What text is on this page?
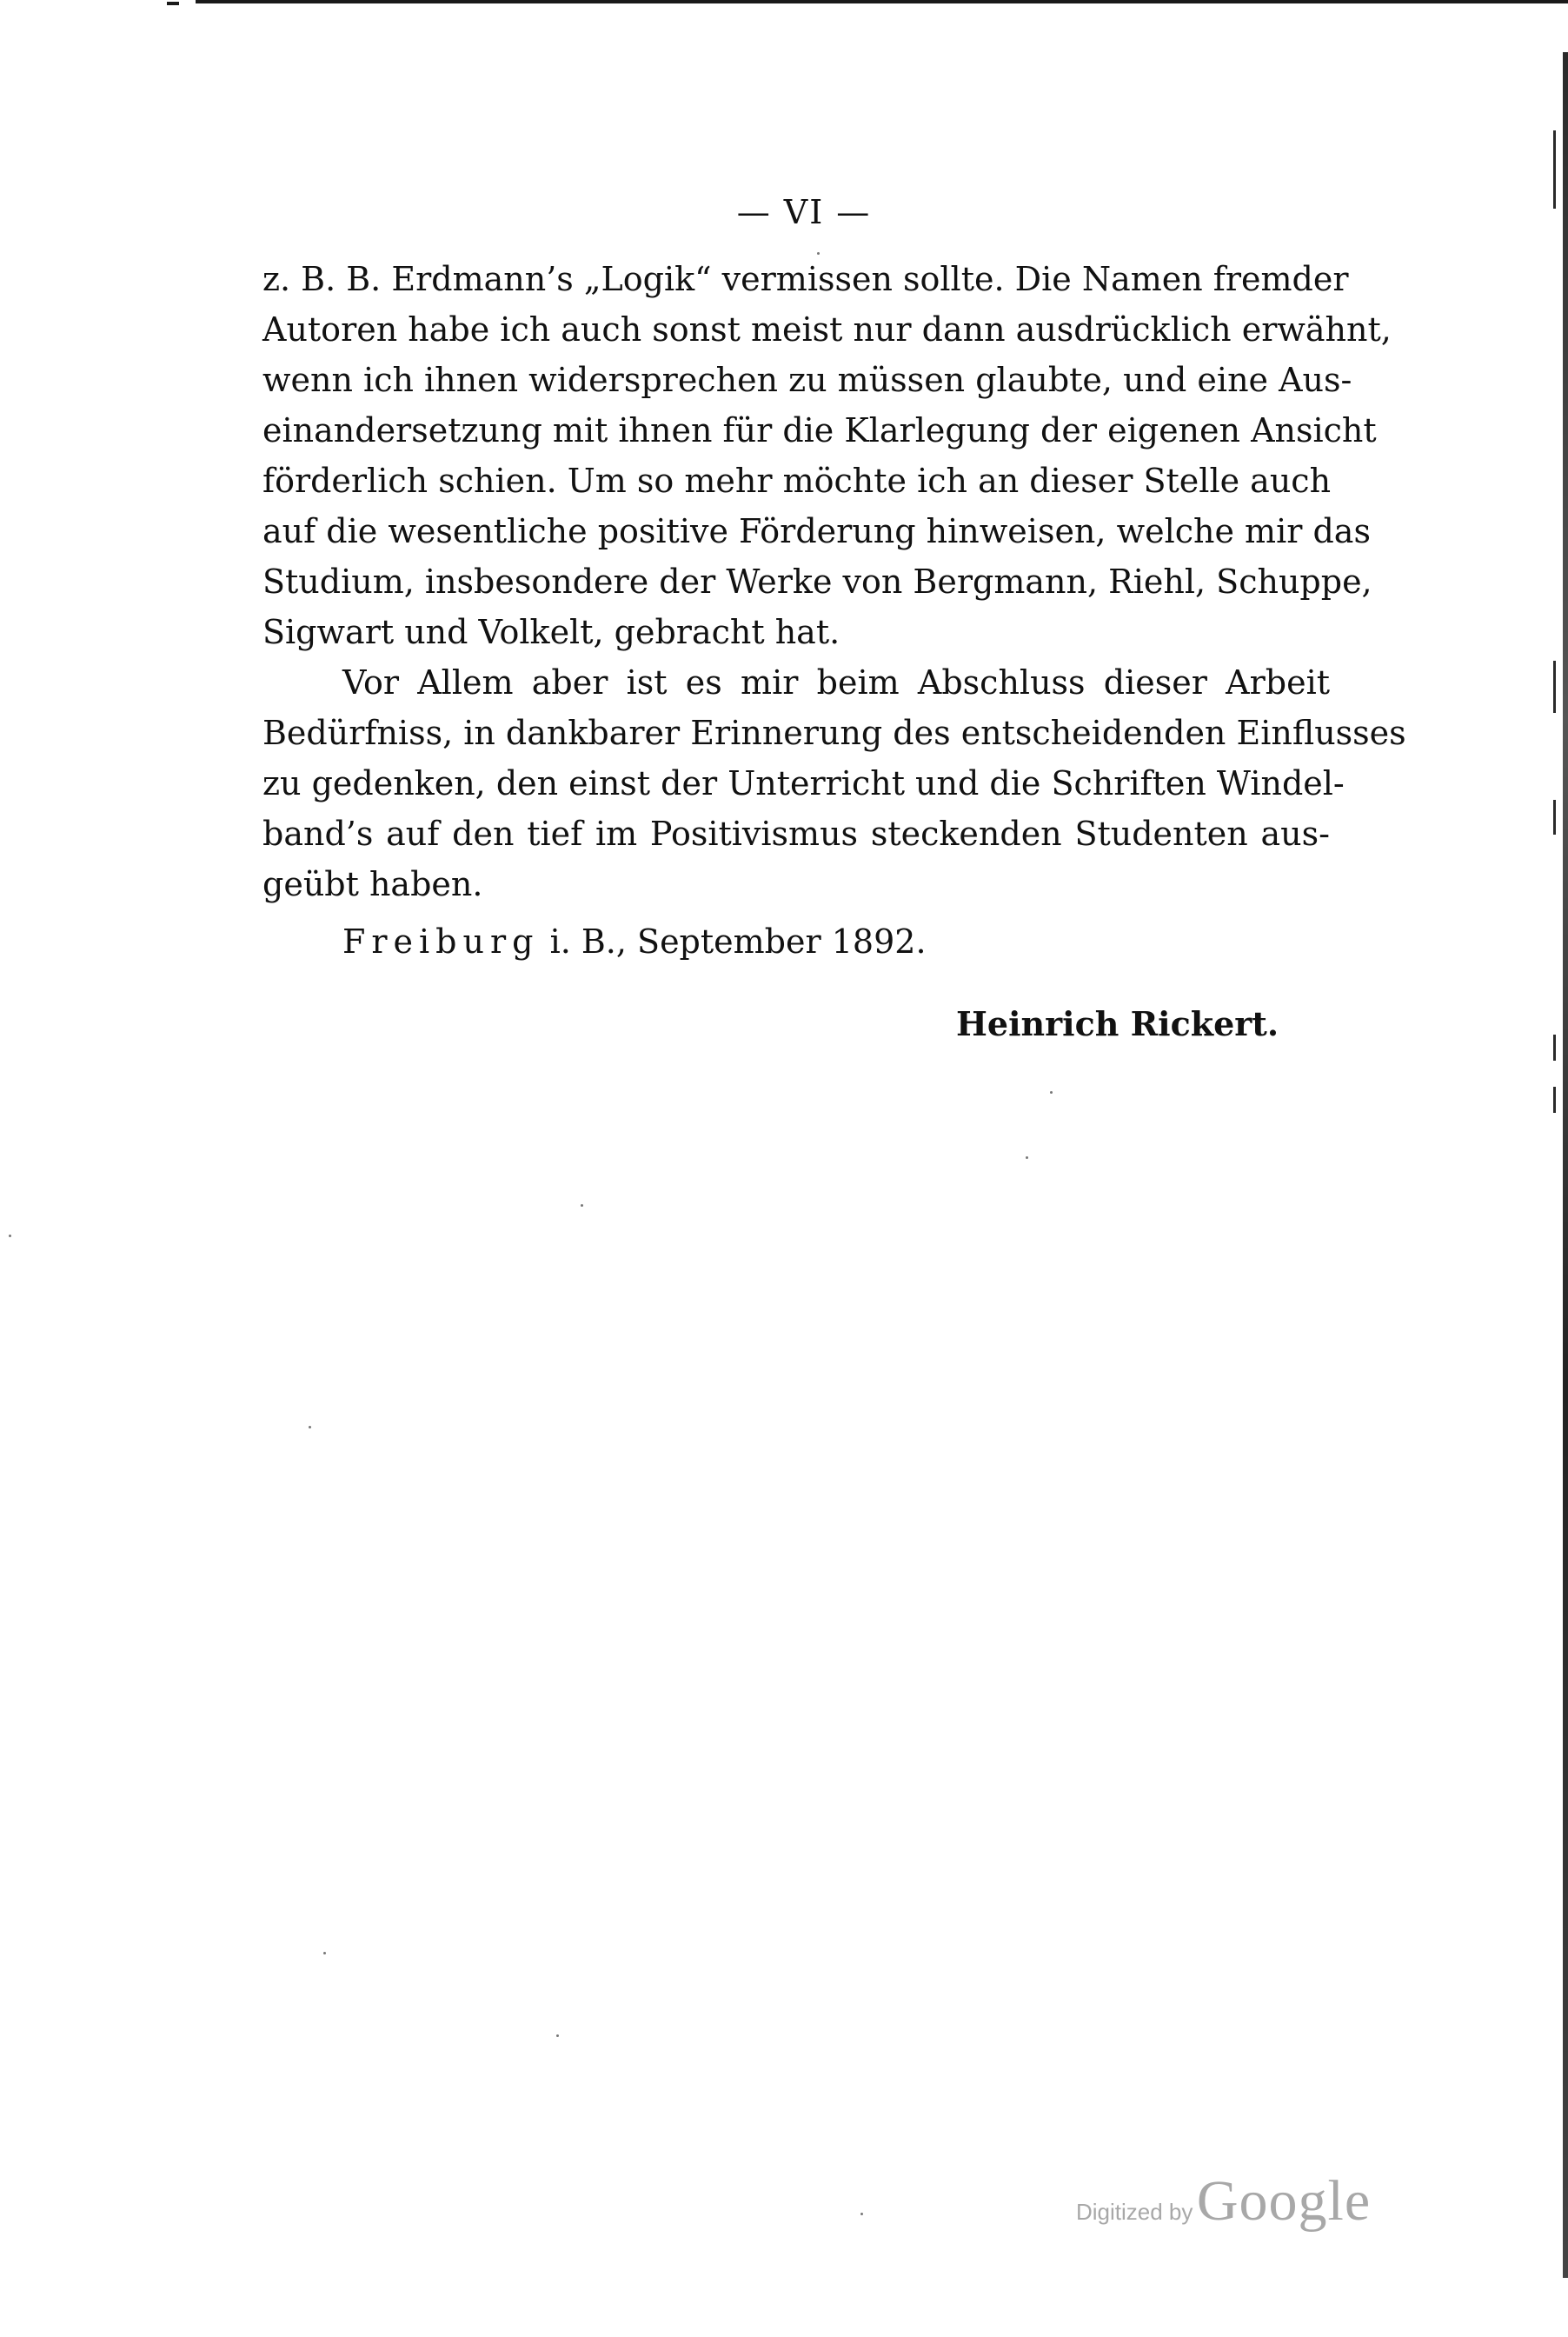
— VI —
z. B. B. Erdmann’s „Logik“ vermissen sollte. Die Namen fremder
Autoren habe ich auch sonst meist nur dann ausdrücklich erwähnt,
wenn ich ihnen widersprechen zu müssen glaubte, und eine Aus-
einandersetzung mit ihnen für die Klarlegung der eigenen Ansicht
förderlich schien. Um so mehr möchte ich an dieser Stelle auch
auf die wesentliche positive Förderung hinweisen, welche mir das
Studium, insbesondere der Werke von Bergmann, Riehl, Schuppe,
Sigwart und Volkelt, gebracht hat.
Vor Allem aber ist es mir beim Abschluss dieser Arbeit
Bedürfniss, in dankbarer Erinnerung des entscheidenden Einflusses
zu gedenken, den einst der Unterricht und die Schriften Windel-
band’s auf den tief im Positivismus steckenden Studenten aus-
geübt haben.
Freiburg i. B., September 1892.
Heinrich Rickert.
Digitized by Google
